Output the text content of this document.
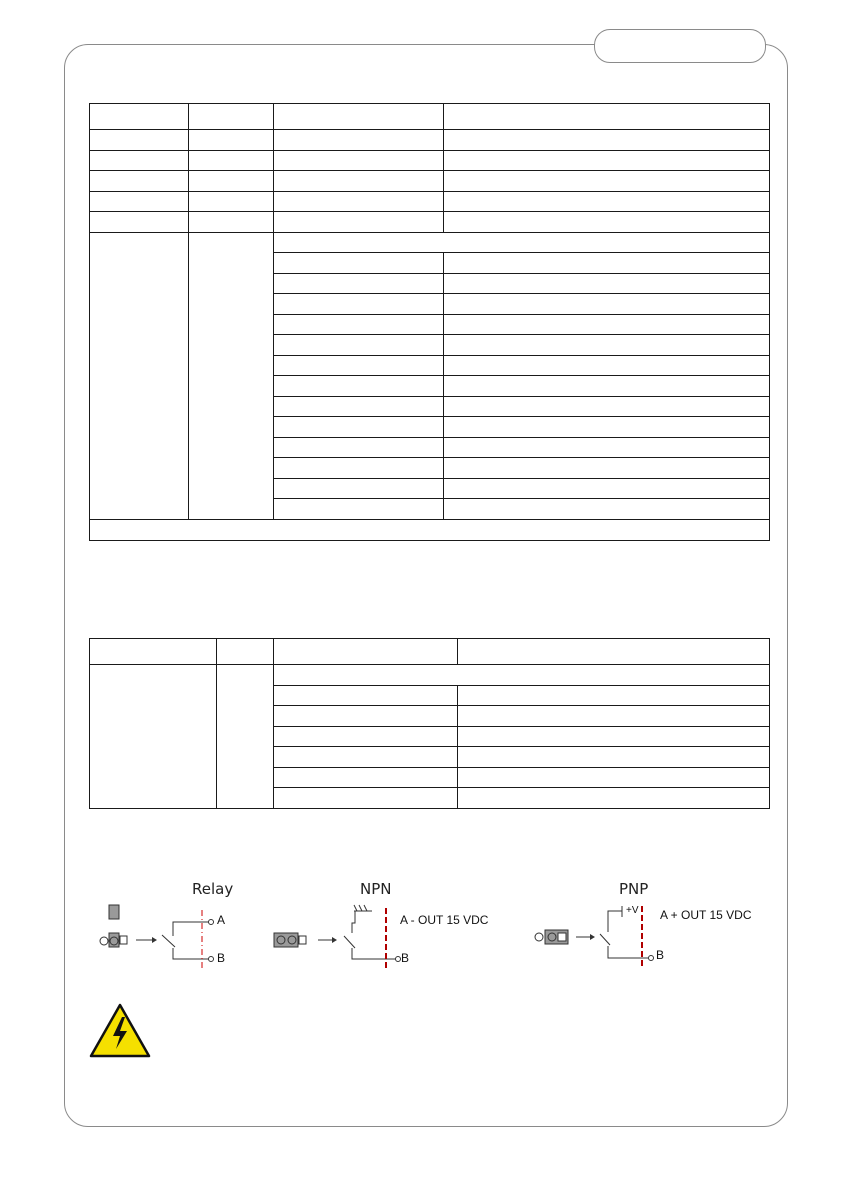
Relay
A
B
NPN
A - OUT 15 VDC
B
PNP
+V A + OUT 15 VDC
B
